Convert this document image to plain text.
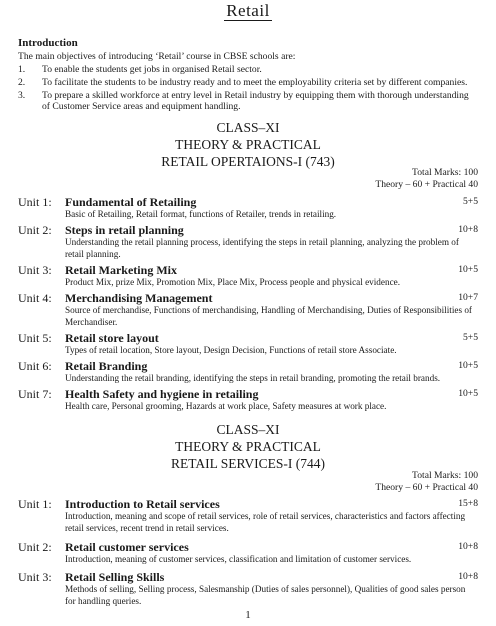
Retail
Introduction
The main objectives of introducing ‘Retail’ course in CBSE schools are:
1. To enable the students get jobs in organised Retail sector.
2. To facilitate the students to be industry ready and to meet the employability criteria set by different companies.
3. To prepare a skilled workforce at entry level in Retail industry by equipping them with thorough understanding of Customer Service areas and equipment handling.
CLASS–XI
THEORY & PRACTICAL
RETAIL OPERTAIONS-I (743)
Total Marks: 100
Theory – 60 + Practical 40
Unit 1: Fundamental of Retailing	5+5
Basic of Retailing, Retail format, functions of Retailer, trends in retailing.
Unit 2: Steps in retail planning	10+8
Understanding the retail planning process, identifying the steps in retail planning, analyzing the problem of retail planning.
Unit 3: Retail Marketing Mix	10+5
Product Mix, prize Mix, Promotion Mix, Place Mix, Process people and physical evidence.
Unit 4: Merchandising Management	10+7
Source of merchandise, Functions of merchandising, Handling of Merchandising, Duties of Responsibilities of Merchandiser.
Unit 5: Retail store layout	5+5
Types of retail location, Store layout, Design Decision, Functions of retail store Associate.
Unit 6: Retail Branding	10+5
Understanding the retail branding, identifying the steps in retail branding, promoting the retail brands.
Unit 7: Health Safety and hygiene in retailing	10+5
Health care, Personal grooming, Hazards at work place, Safety measures at work place.
CLASS–XI
THEORY & PRACTICAL
RETAIL SERVICES-I (744)
Total Marks: 100
Theory – 60 + Practical 40
Unit 1: Introduction to Retail services	15+8
Introduction, meaning and scope of retail services, role of retail services, characteristics and factors affecting retail services, recent trend in retail services.
Unit 2: Retail customer services	10+8
Introduction, meaning of customer services, classification and limitation of customer services.
Unit 3: Retail Selling Skills	10+8
Methods of selling, Selling process, Salesmanship (Duties of sales personnel), Qualities of good sales person for handling queries.
1
